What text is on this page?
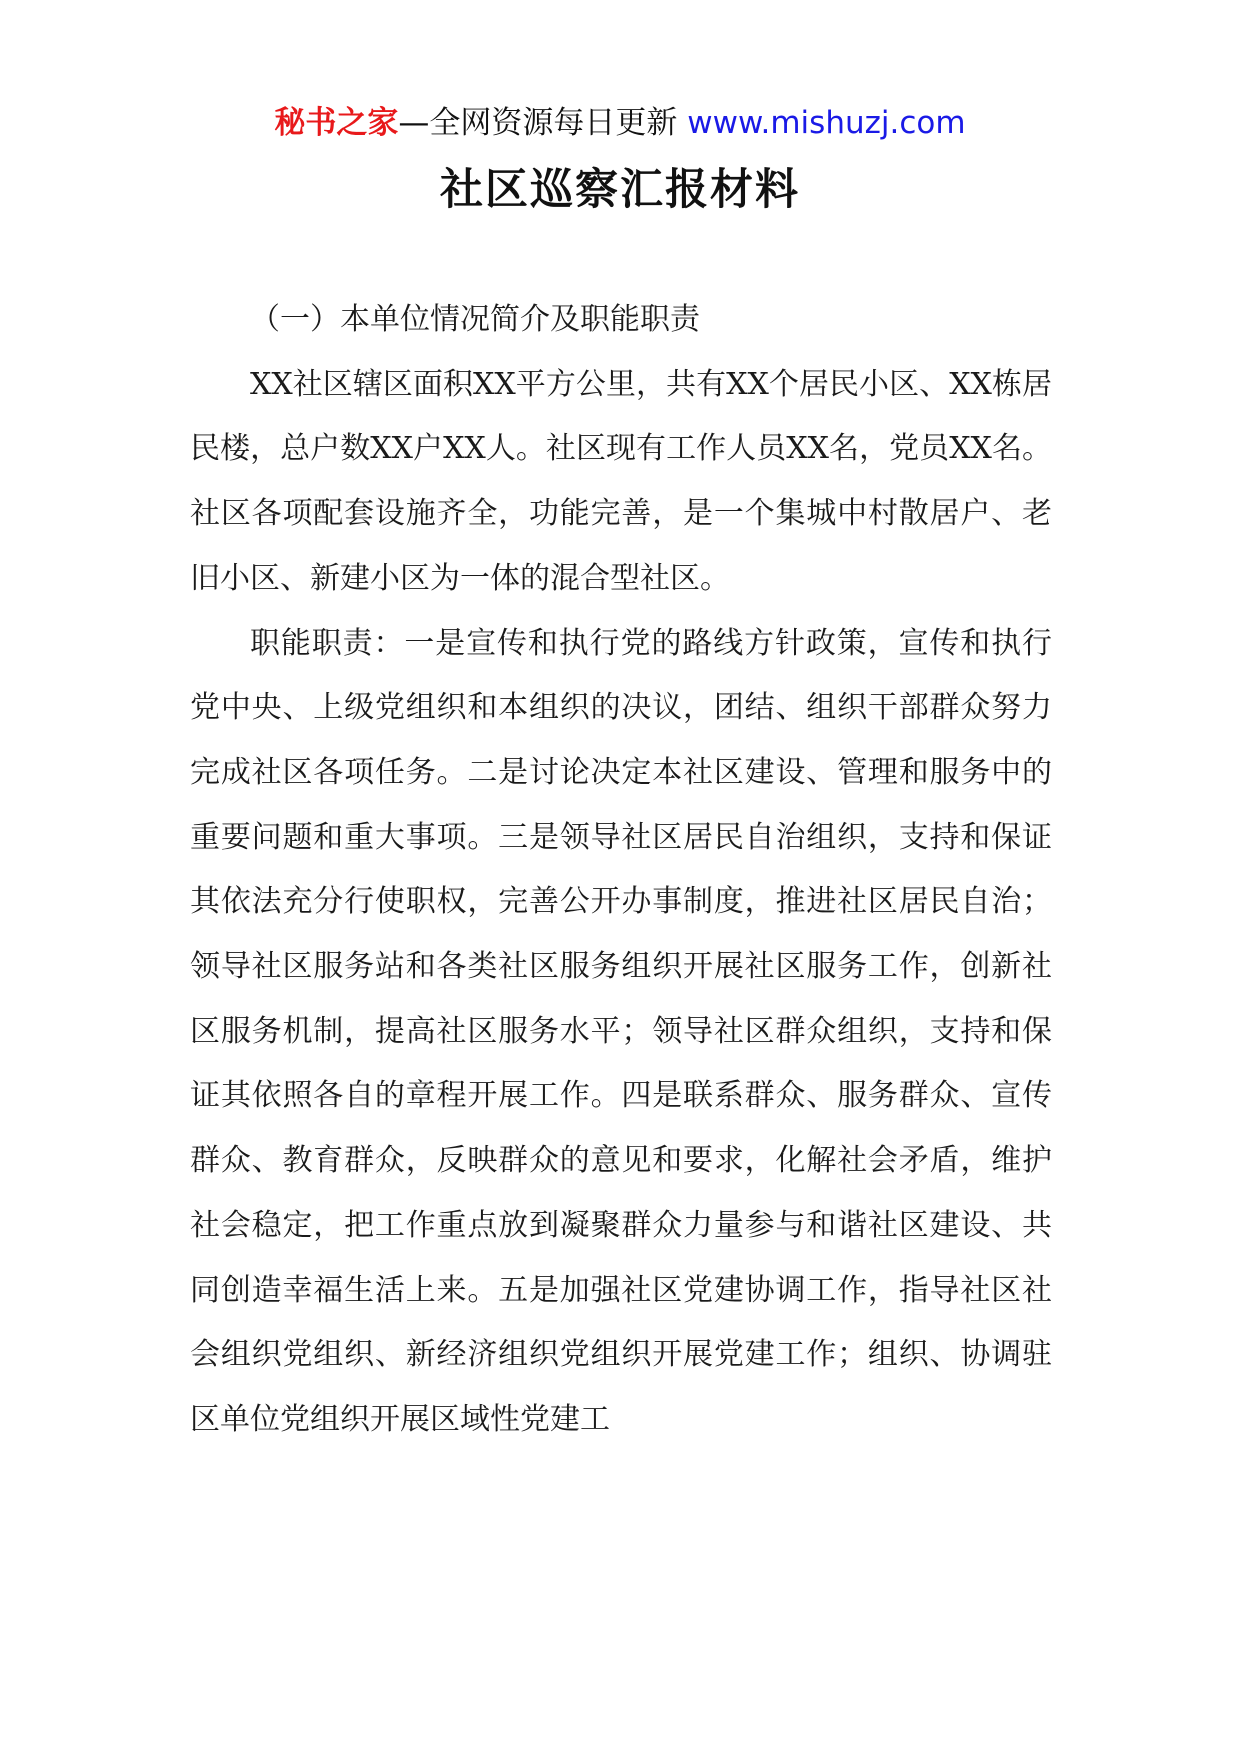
秘书之家—全网资源每日更新 www.mishuzj.com
社区巡察汇报材料

（一）本单位情况简介及职能职责

XX社区辖区面积XX平方公里，共有XX个居民小区、XX栋居民楼，总户数XX户XX人。社区现有工作人员XX名，党员XX名。社区各项配套设施齐全，功能完善，是一个集城中村散居户、老旧小区、新建小区为一体的混合型社区。

职能职责：一是宣传和执行党的路线方针政策，宣传和执行党中央、上级党组织和本组织的决议，团结、组织干部群众努力完成社区各项任务。二是讨论决定本社区建设、管理和服务中的重要问题和重大事项。三是领导社区居民自治组织，支持和保证其依法充分行使职权，完善公开办事制度，推进社区居民自治；领导社区服务站和各类社区服务组织开展社区服务工作，创新社区服务机制，提高社区服务水平；领导社区群众组织，支持和保证其依照各自的章程开展工作。四是联系群众、服务群众、宣传群众、教育群众，反映群众的意见和要求，化解社会矛盾，维护社会稳定，把工作重点放到凝聚群众力量参与和谐社区建设、共同创造幸福生活上来。五是加强社区党建协调工作，指导社区社会组织党组织、新经济组织党组织开展党建工作；组织、协调驻区单位党组织开展区域性党建工
